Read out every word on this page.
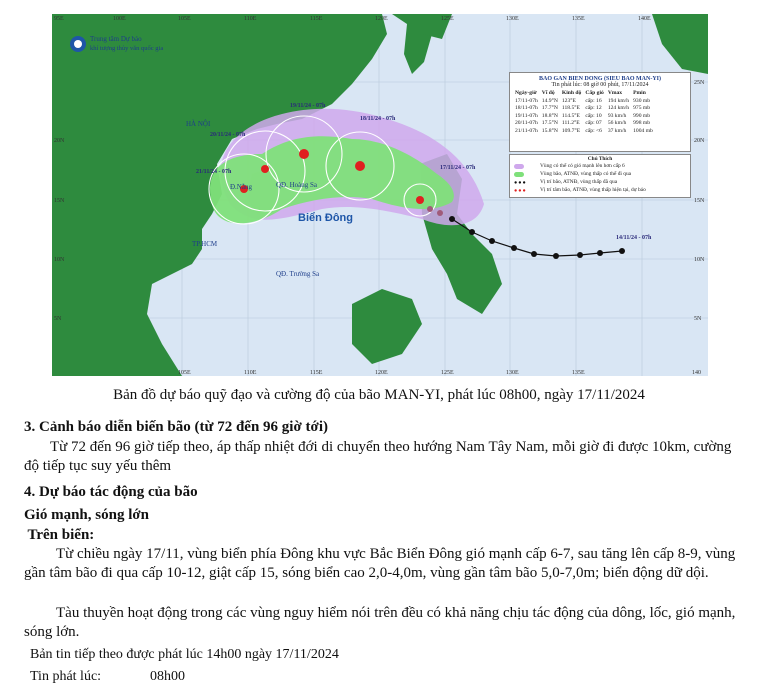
95E	100E	105E	110E	115E	120E	125E	130E	135E	140E
105E	110E	115E	120E	125E	130E	135E	140
25N
20N	20N
15N	15N
10N	10N
5N	5N
Trung tâm Dự báo
khí tượng thủy văn quốc gia
HÀ NỘI
Đ.Nẵng	QĐ. Hoàng Sa
TP.HCM
QĐ. Trường Sa
Biển Đông
19/11/24 - 07h
18/11/24 - 07h
20/11/24 - 07h
21/11/24 - 07h
17/11/24 - 07h
14/11/24 - 07h
BAO GAN BIEN DONG (SIEU BAO MAN-YI)
Tin phát lúc: 08 giờ 00 phút, 17/11/2024
Ngày-giờ	Vĩ độ	Kinh độ	Cấp gió	Vmax	Pmin
17/11-07h	14.9°N	123°E	cấp: 16	194 km/h	930 mb
18/11-07h	17.7°N	118.5°E	cấp: 12	124 km/h	975 mb
19/11-07h	18.8°N	114.5°E	cấp: 10	93 km/h	990 mb
20/11-07h	17.5°N	111.2°E	cấp: 07	56 km/h	998 mb
21/11-07h	15.8°N	109.7°E	cấp: <6	37 km/h	1004 mb
Chú Thích
Vùng có thể có gió mạnh lên hơn cấp 6
Vùng bão, ATNĐ, vùng thấp có thể đi qua
●●●	Vị trí bão, ATNĐ, vùng thấp đã qua
●●●	Vị trí tâm bão, ATNĐ, vùng thấp hiện tại, dự báo
Bản đồ dự báo quỹ đạo và cường độ của bão MAN-YI, phát lúc 08h00, ngày 17/11/2024
3. Cảnh báo diễn biến bão (từ 72 đến 96 giờ tới)
Từ 72 đến 96 giờ tiếp theo, áp thấp nhiệt đới di chuyển theo hướng Nam Tây Nam, mỗi giờ đi được 10km, cường độ tiếp tục suy yếu thêm
4. Dự báo tác động của bão
Gió mạnh, sóng lớn
Trên biển:
Từ chiều ngày 17/11, vùng biển phía Đông khu vực Bắc Biển Đông gió mạnh cấp 6-7, sau tăng lên cấp 8-9, vùng gần tâm bão đi qua cấp 10-12, giật cấp 15, sóng biển cao 2,0-4,0m, vùng gần tâm bão 5,0-7,0m; biển động dữ dội.
Tàu thuyền hoạt động trong các vùng nguy hiểm nói trên đều có khả năng chịu tác động của dông, lốc, gió mạnh, sóng lớn.
Bản tin tiếp theo được phát lúc 14h00 ngày 17/11/2024
Tin phát lúc:	08h00
